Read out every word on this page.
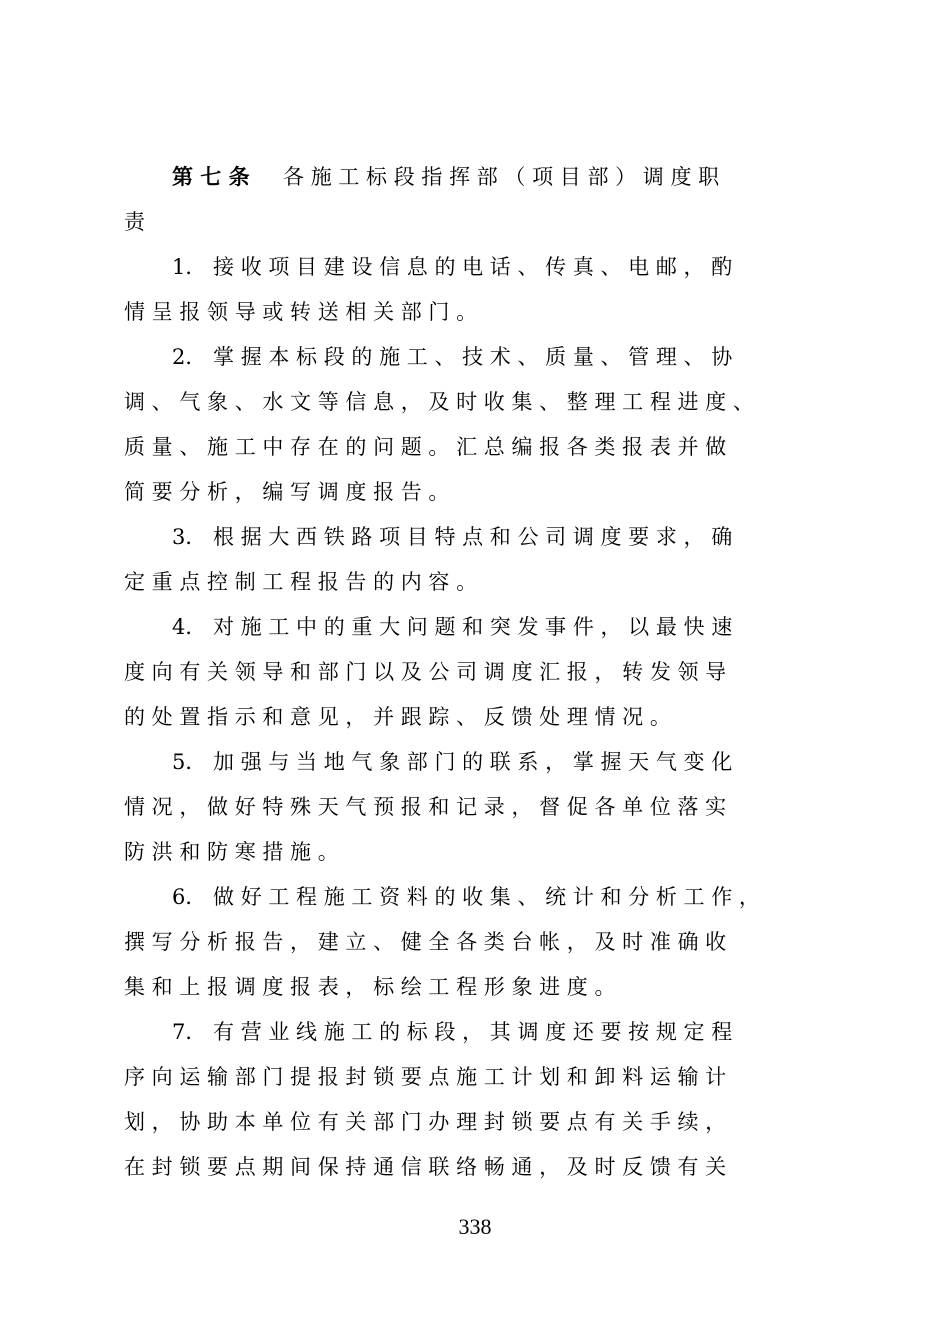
第 七 条 各 施 工 标 段 指 挥 部 （ 项 目 部 ） 调 度 职
责
1． 接 收 项 目 建 设 信 息 的 电 话 、 传 真 、 电 邮 ， 酌
情 呈 报 领 导 或 转 送 相 关 部 门 。
2． 掌 握 本 标 段 的 施 工 、 技 术 、 质 量 、 管 理 、 协
调 、 气 象 、 水 文 等 信 息 ， 及 时 收 集 、 整 理 工 程 进 度 、
质 量 、 施 工 中 存 在 的 问 题 。 汇 总 编 报 各 类 报 表 并 做
简 要 分 析 ， 编 写 调 度 报 告 。
3． 根 据 大 西 铁 路 项 目 特 点 和 公 司 调 度 要 求 ， 确
定 重 点 控 制 工 程 报 告 的 内 容 。
4． 对 施 工 中 的 重 大 问 题 和 突 发 事 件 ， 以 最 快 速
度 向 有 关 领 导 和 部 门 以 及 公 司 调 度 汇 报 ， 转 发 领 导
的 处 置 指 示 和 意 见 ， 并 跟 踪 、 反 馈 处 理 情 况 。
5． 加 强 与 当 地 气 象 部 门 的 联 系 ， 掌 握 天 气 变 化
情 况 ， 做 好 特 殊 天 气 预 报 和 记 录 ， 督 促 各 单 位 落 实
防 洪 和 防 寒 措 施 。
6． 做 好 工 程 施 工 资 料 的 收 集 、 统 计 和 分 析 工 作 ，
撰 写 分 析 报 告 ， 建 立 、 健 全 各 类 台 帐 ， 及 时 准 确 收
集 和 上 报 调 度 报 表 ， 标 绘 工 程 形 象 进 度 。
7． 有 营 业 线 施 工 的 标 段 ， 其 调 度 还 要 按 规 定 程
序 向 运 输 部 门 提 报 封 锁 要 点 施 工 计 划 和 卸 料 运 输 计
划 ， 协 助 本 单 位 有 关 部 门 办 理 封 锁 要 点 有 关 手 续 ，
在 封 锁 要 点 期 间 保 持 通 信 联 络 畅 通 ， 及 时 反 馈 有 关
338
